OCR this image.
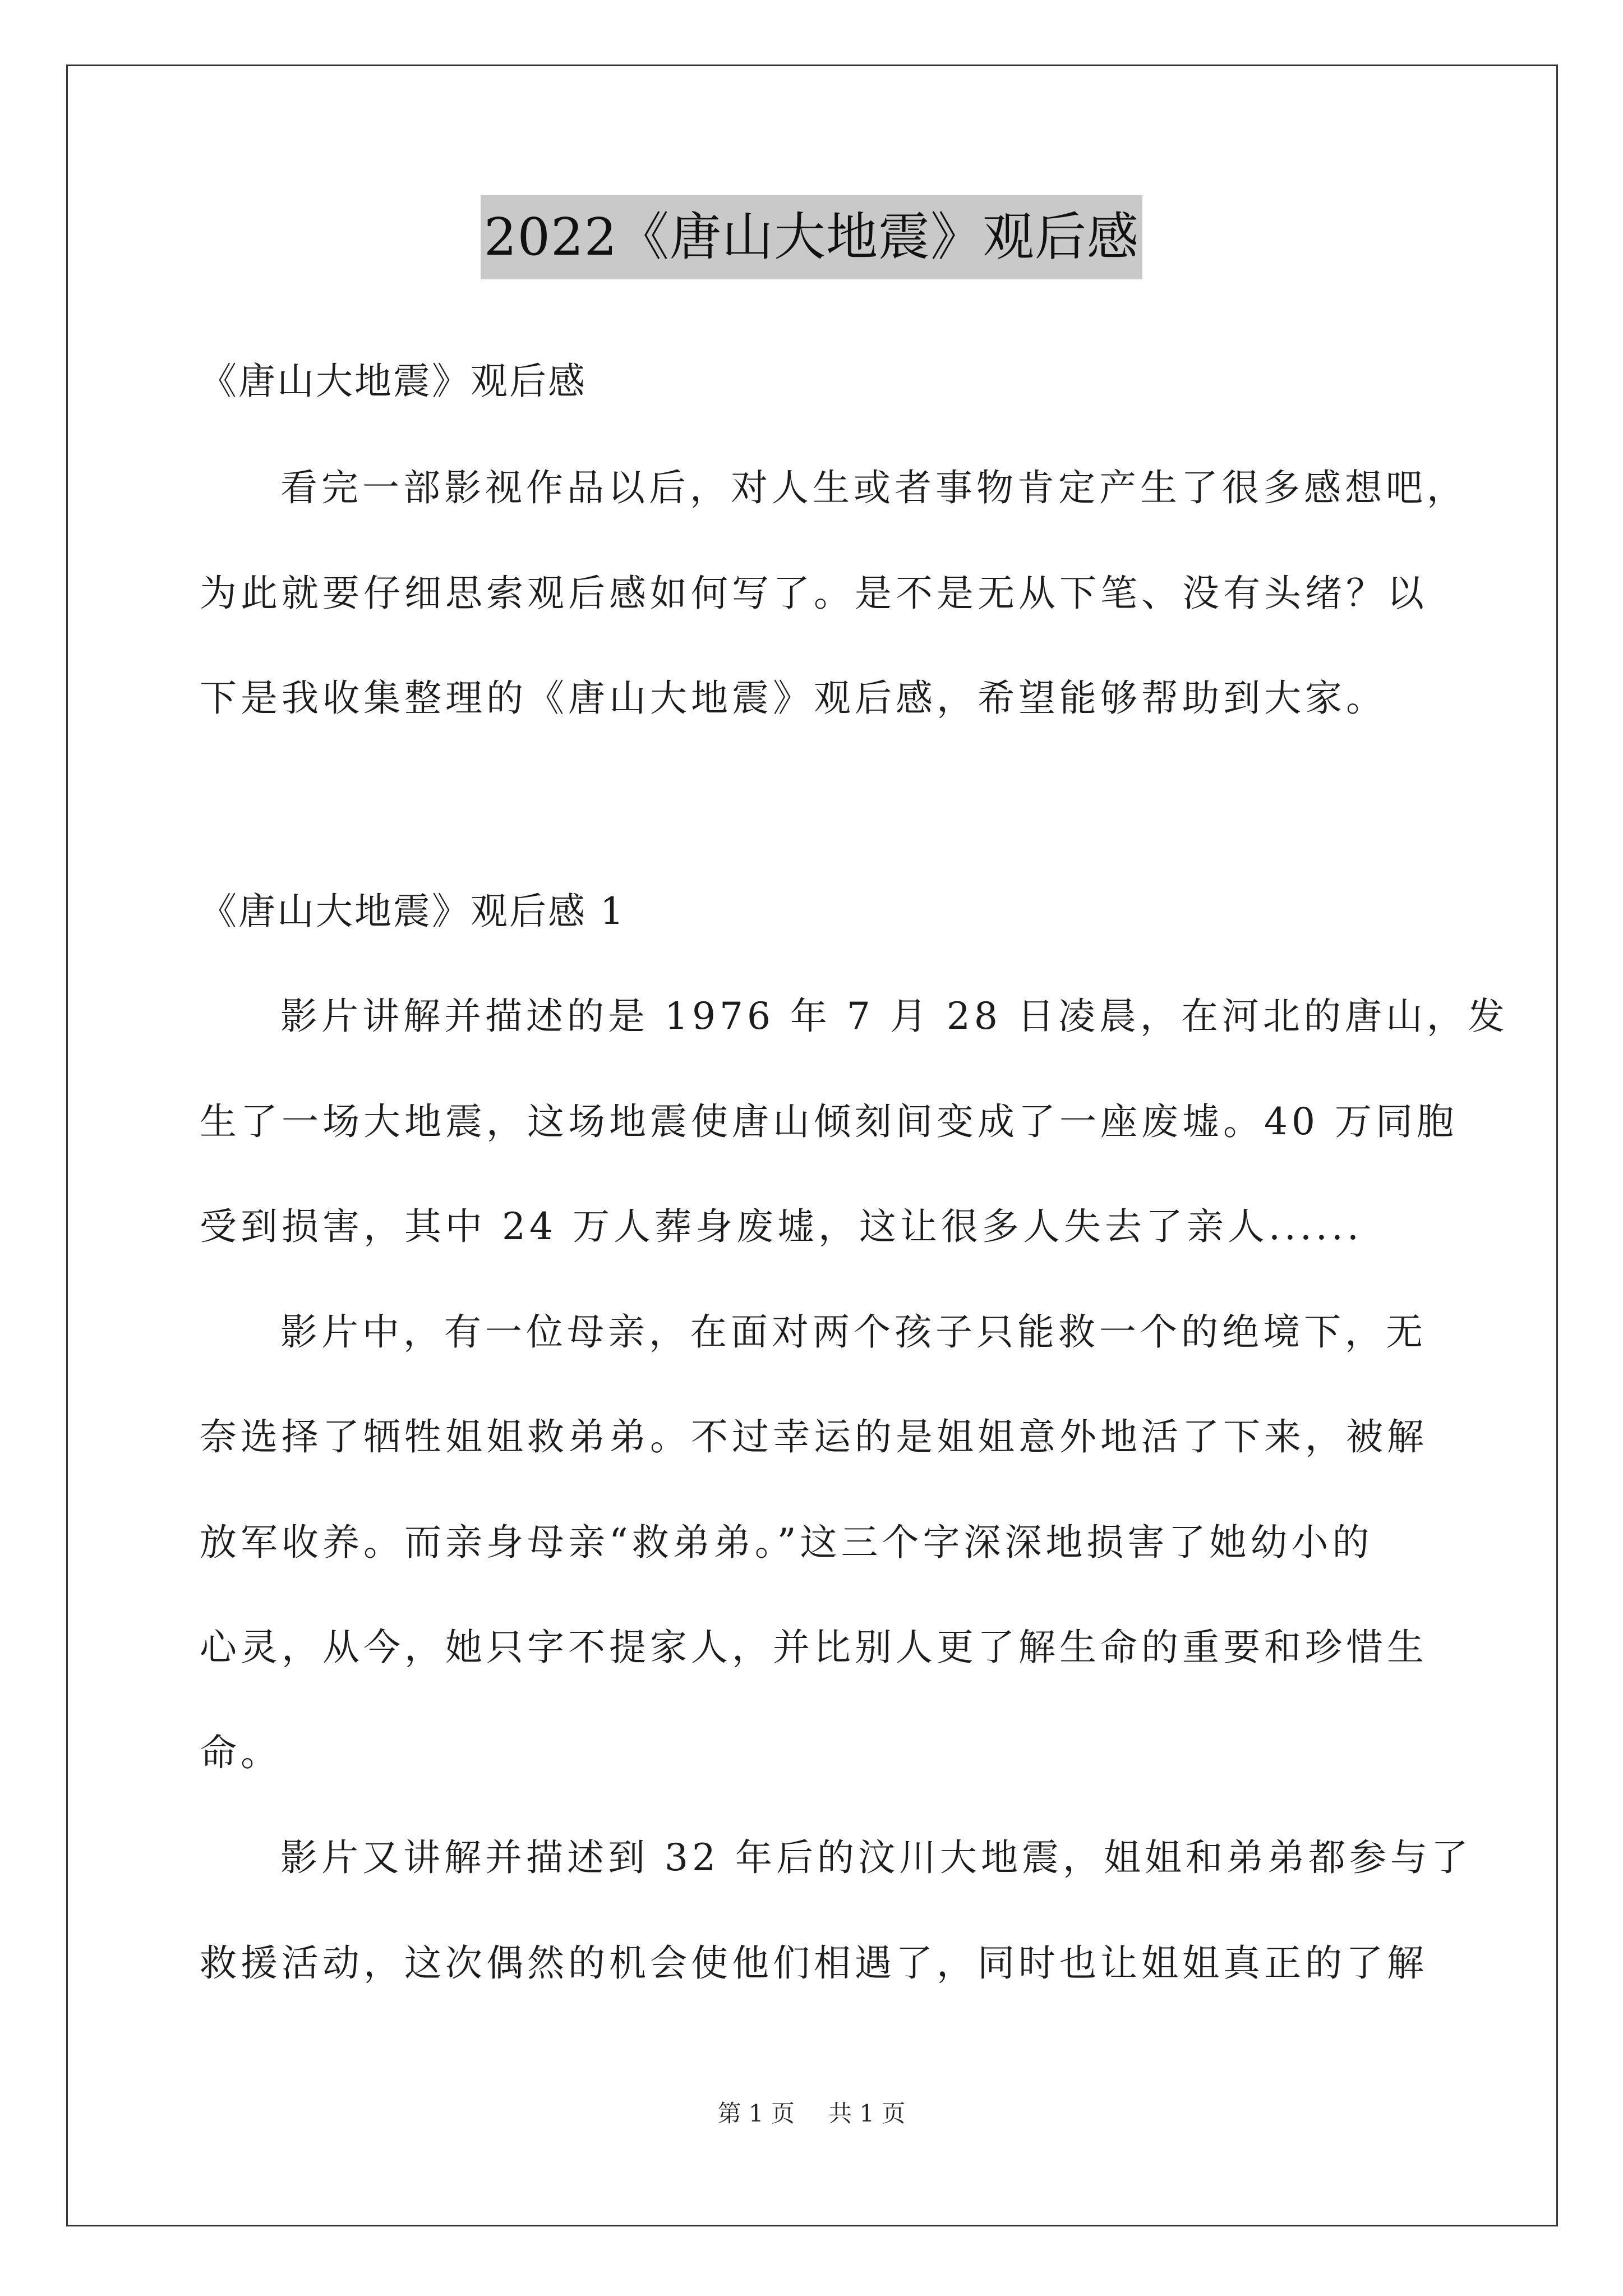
2022《唐山大地震》观后感
《唐山大地震》观后感
看完一部影视作品以后，对人生或者事物肯定产生了很多感想吧，
为此就要仔细思索观后感如何写了。是不是无从下笔、没有头绪？以
下是我收集整理的《唐山大地震》观后感，希望能够帮助到大家。
《唐山大地震》观后感 1
影片讲解并描述的是 1976 年 7 月 28 日凌晨，在河北的唐山，发
生了一场大地震，这场地震使唐山倾刻间变成了一座废墟。40 万同胞
受到损害，其中 24 万人葬身废墟，这让很多人失去了亲人......
影片中，有一位母亲，在面对两个孩子只能救一个的绝境下，无
奈选择了牺牲姐姐救弟弟。不过幸运的是姐姐意外地活了下来，被解
放军收养。而亲身母亲“救弟弟。”这三个字深深地损害了她幼小的
心灵，从今，她只字不提家人，并比别人更了解生命的重要和珍惜生
命。
影片又讲解并描述到 32 年后的汶川大地震，姐姐和弟弟都参与了
救援活动，这次偶然的机会使他们相遇了，同时也让姐姐真正的了解
第 1 页 共 1 页
